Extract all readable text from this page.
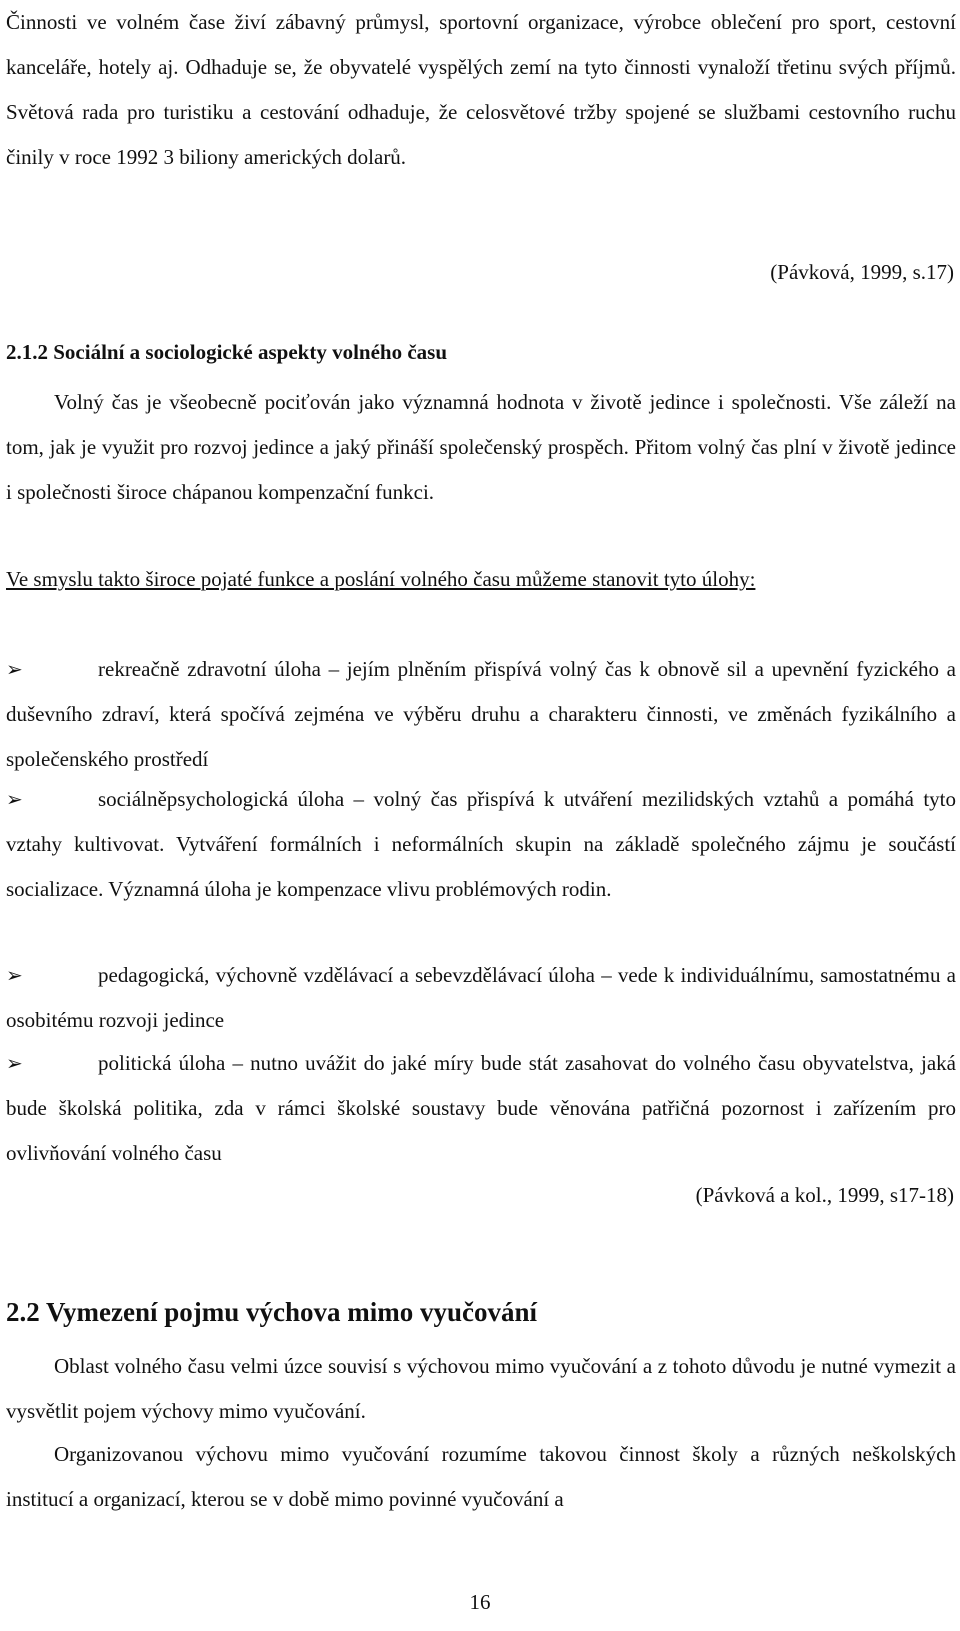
Činnosti ve volném čase živí zábavný průmysl, sportovní organizace, výrobce oblečení pro sport, cestovní kanceláře, hotely aj. Odhaduje se, že obyvatelé vyspělých zemí na tyto činnosti vynaloží třetinu svých příjmů. Světová rada pro turistiku a cestování odhaduje, že celosvětové tržby spojené se službami cestovního ruchu činily v roce 1992 3 biliony amerických dolarů.

(Pávková, 1999, s.17)

2.1.2 Sociální a sociologické aspekty volného času

Volný čas je všeobecně pociťován jako významná hodnota v životě jedince i společnosti. Vše záleží na tom, jak je využit pro rozvoj jedince a jaký přináší společenský prospěch. Přitom volný čas plní v životě jedince i společnosti široce chápanou kompenzační funkci.

Ve smyslu takto široce pojaté funkce a poslání volného času můžeme stanovit tyto úlohy:

➢	rekreačně zdravotní úloha – jejím plněním přispívá volný čas k obnově sil a upevnění fyzického a duševního zdraví, která spočívá zejména ve výběru druhu a charakteru činnosti, ve změnách fyzikálního a společenského prostředí

➢	sociálněpsychologická úloha – volný čas přispívá k utváření mezilidských vztahů a pomáhá tyto vztahy kultivovat. Vytváření formálních i neformálních skupin na základě společného zájmu je součástí socializace. Významná úloha je kompenzace vlivu problémových rodin.

➢	pedagogická, výchovně vzdělávací a sebevzdělávací úloha – vede k individuálnímu, samostatnému a osobitému rozvoji jedince

➢	politická úloha – nutno uvážit do jaké míry bude stát zasahovat do volného času obyvatelstva, jaká bude školská politika, zda v rámci školské soustavy bude věnována patřičná pozornost i zařízením pro ovlivňování volného času

(Pávková a kol., 1999, s17-18)

2.2 Vymezení pojmu výchova mimo vyučování

Oblast volného času velmi úzce souvisí s výchovou mimo vyučování a z tohoto důvodu je nutné vymezit a vysvětlit pojem výchovy mimo vyučování.

Organizovanou výchovu mimo vyučování rozumíme takovou činnost školy a různých neškolských institucí a organizací, kterou se v době mimo povinné vyučování a

16
